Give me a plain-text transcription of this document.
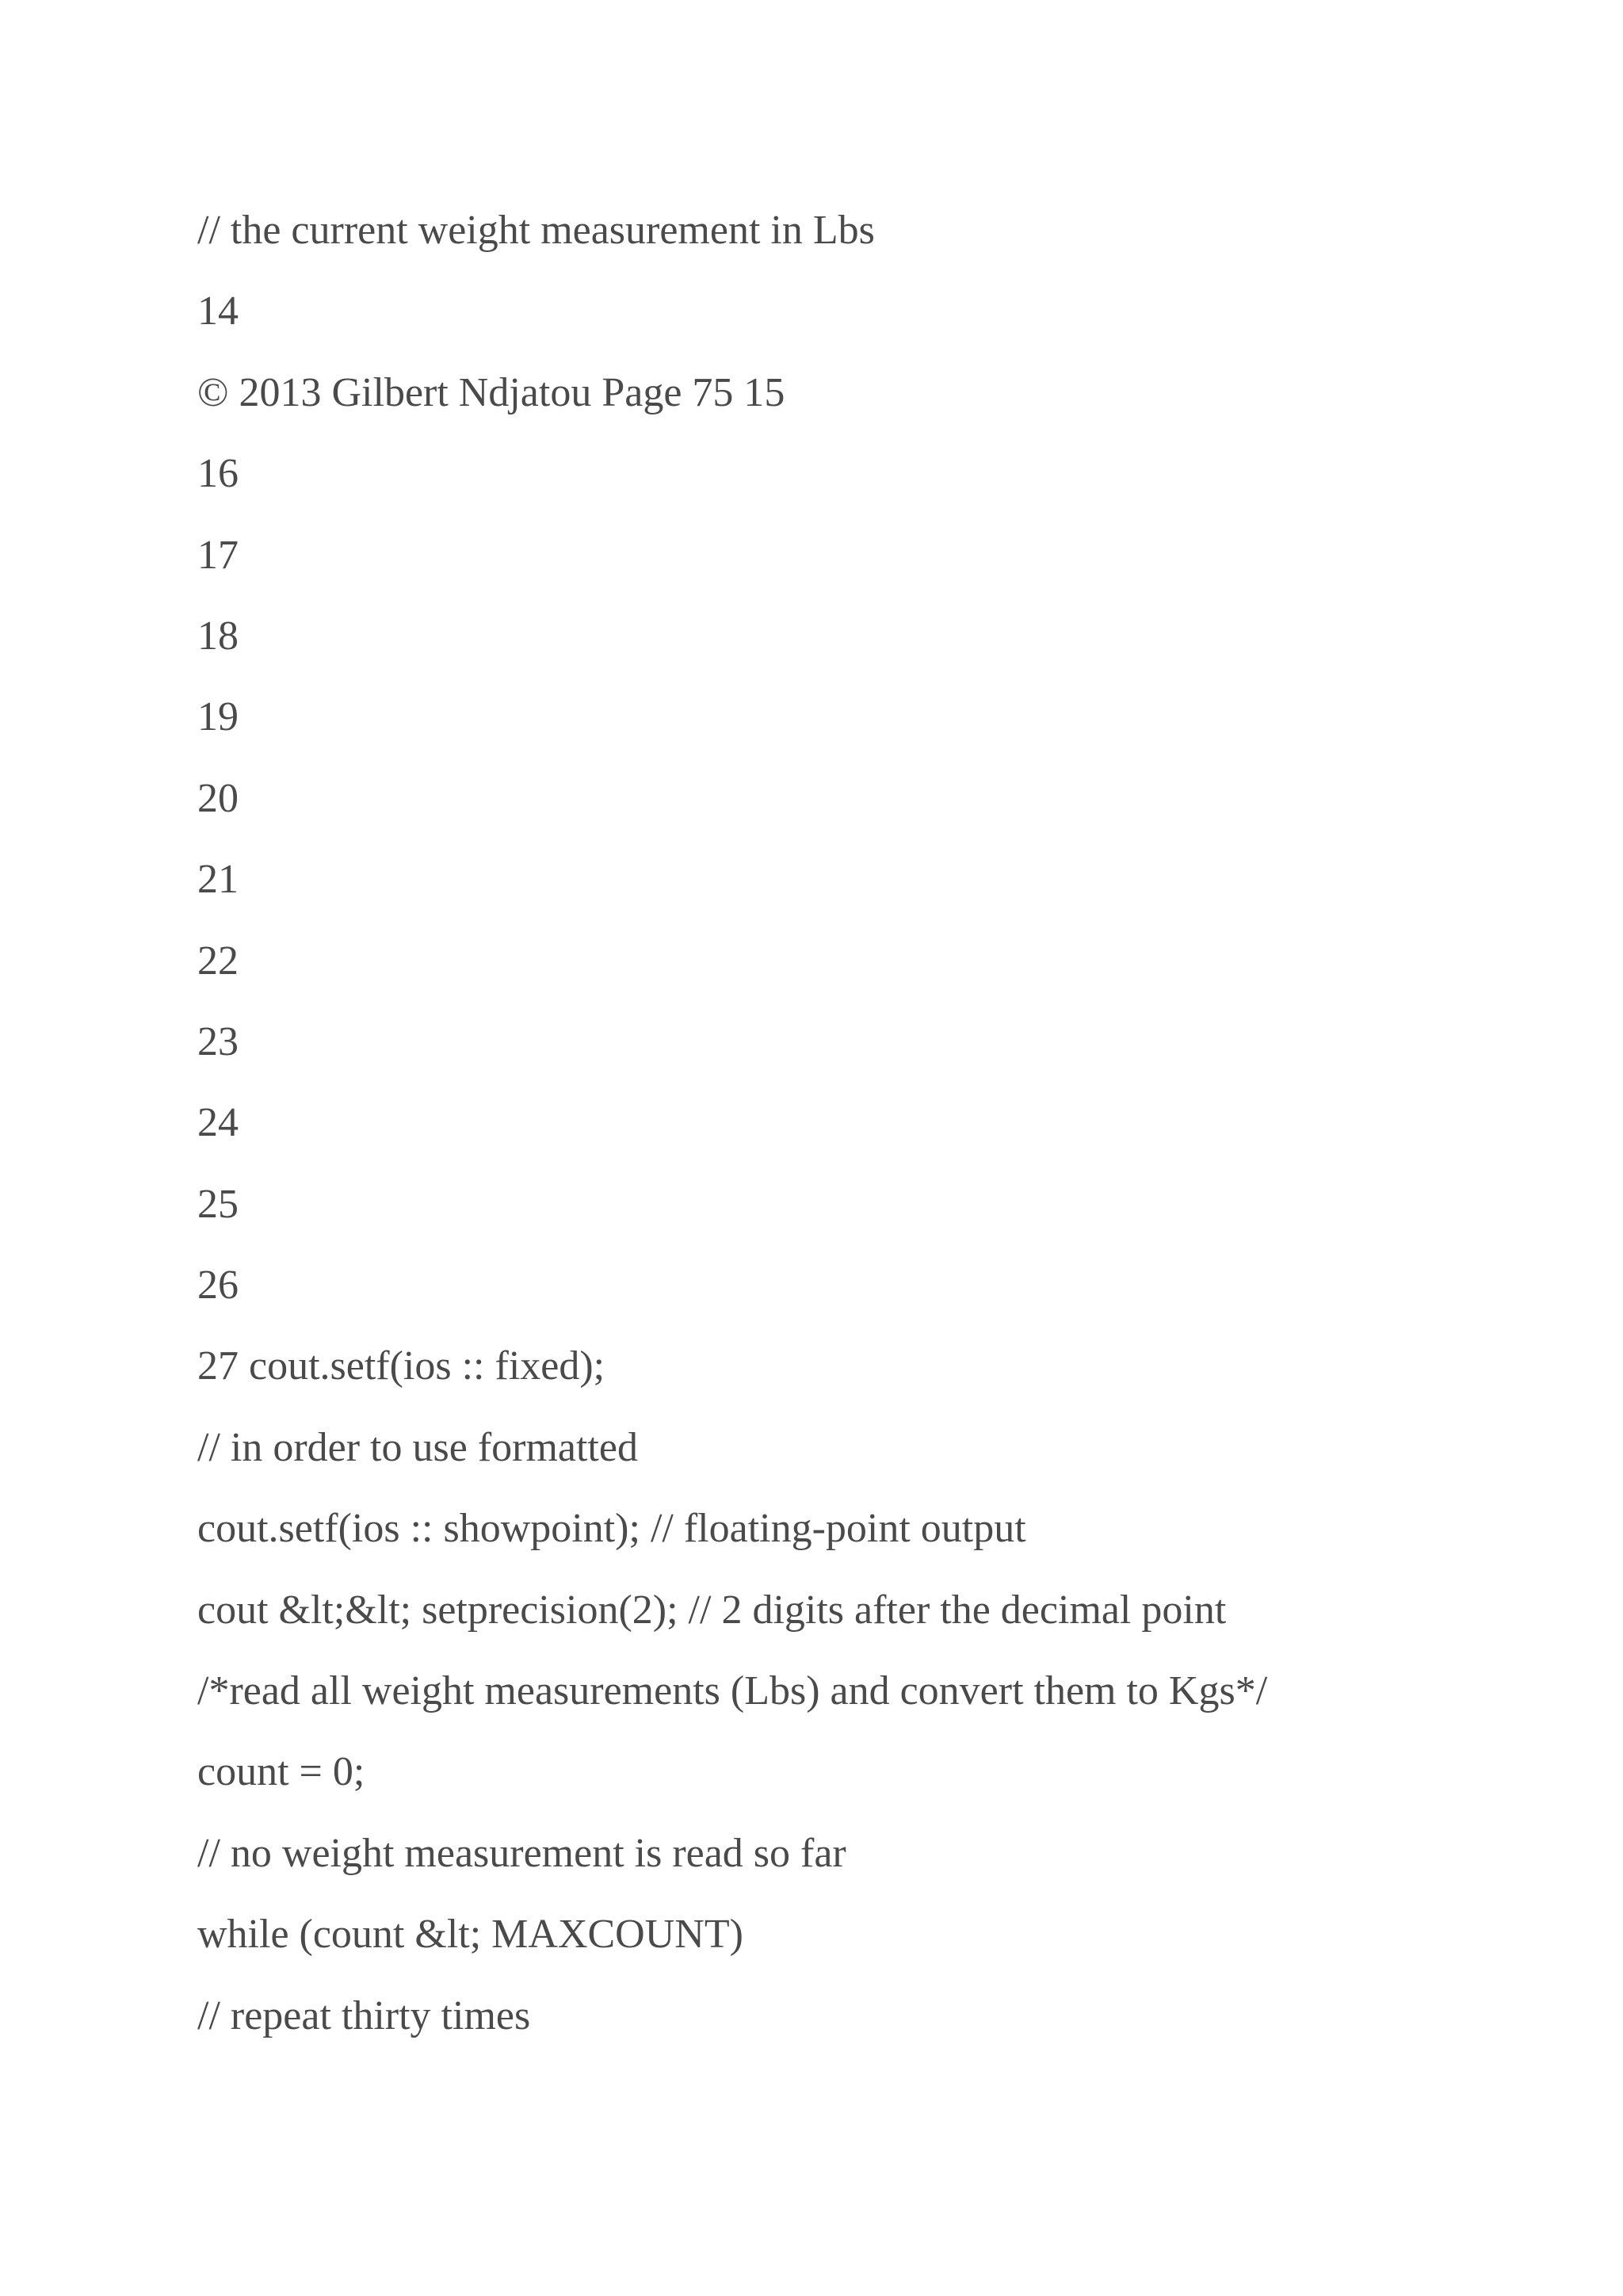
// the current weight measurement in Lbs
14
© 2013 Gilbert Ndjatou Page 75 15
16
17
18
19
20
21
22
23
24
25
26
27 cout.setf(ios :: fixed);
// in order to use formatted
cout.setf(ios :: showpoint); // floating-point output
cout &lt;&lt; setprecision(2); // 2 digits after the decimal point
/*read all weight measurements (Lbs) and convert them to Kgs*/
count = 0;
// no weight measurement is read so far
while (count &lt; MAXCOUNT)
// repeat thirty times
